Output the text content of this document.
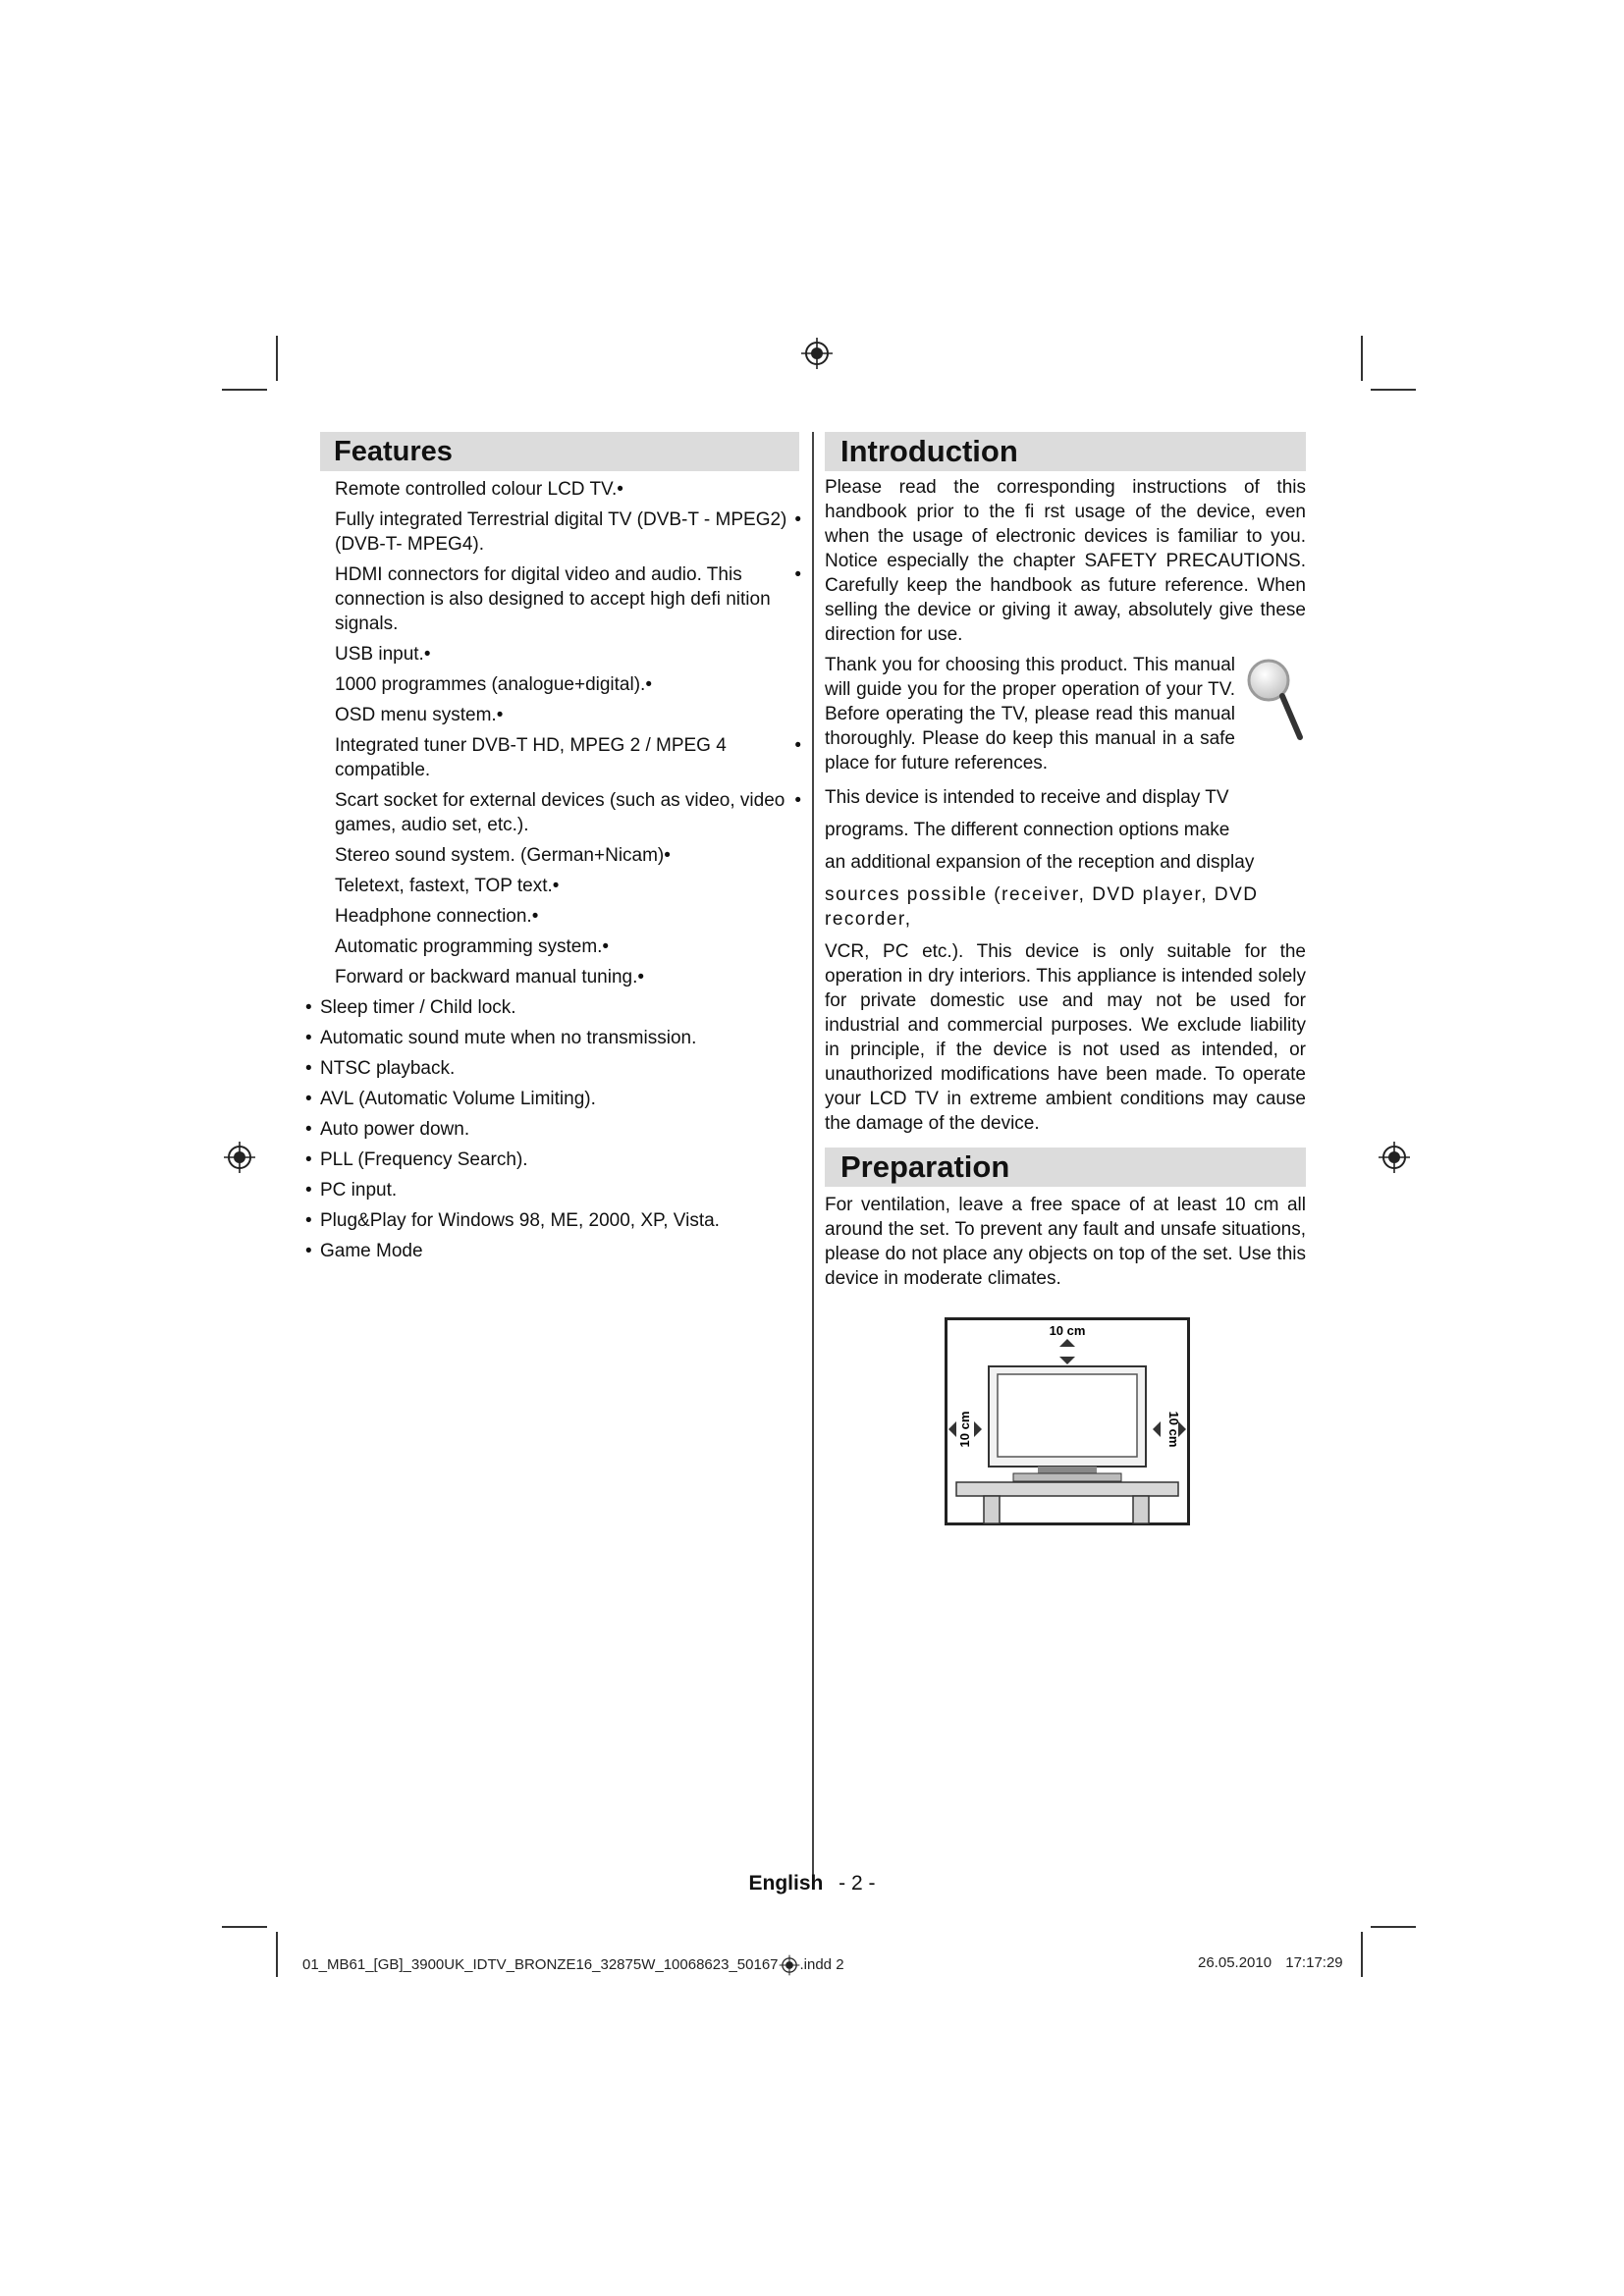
Features
Remote controlled colour LCD TV.•
Fully integrated Terrestrial digital TV (DVB-T - MPEG2) (DVB-T- MPEG4). •
HDMI connectors for digital video and audio. This connection is also designed to accept high defi nition signals. •
USB input.•
1000 programmes (analogue+digital).•
OSD menu system.•
Integrated tuner DVB-T HD, MPEG 2 / MPEG 4 compatible. •
Scart socket for external devices (such as video, video games, audio set, etc.). •
Stereo sound system. (German+Nicam)•
Teletext, fastext, TOP text.•
Headphone connection.•
Automatic programming system.•
Forward or backward manual tuning.•
• Sleep timer / Child lock.
• Automatic sound mute when no transmission.
• NTSC playback.
• AVL (Automatic Volume Limiting).
• Auto power down.
• PLL (Frequency Search).
• PC input.
• Plug&Play for Windows 98, ME, 2000, XP, Vista.
• Game Mode
Introduction

Please read the corresponding instructions of this handbook prior to the fi rst usage of the device, even when the usage of electronic devices is familiar to you. Notice especially the chapter SAFETY PRECAUTIONS. Carefully keep the handbook as future reference. When selling the device or giving it away, absolutely give these direction for use.

Thank you for choosing this product. This manual will guide you for the proper operation of your TV. Before operating the TV, please read this manual thoroughly. Please do keep this manual in a safe place for future references.

This device is intended to receive and display TV

programs. The different connection options make

an additional expansion of the reception and display

sources possible (receiver, DVD player, DVD recorder,

VCR, PC etc.). This device is only suitable for the operation in dry interiors. This appliance is intended solely for private domestic use and may not be used for industrial and commercial purposes. We exclude liability in principle, if the device is not used as intended, or unauthorized modifications have been made. To operate your LCD TV in extreme ambient conditions may cause the damage of the device.

Preparation

For ventilation, leave a free space of at least 10 cm all around the set. To prevent any fault and unsafe situations, please do not place any objects on top of the set. Use this device in moderate climates.

10 cm
10 cm	10 cm
English - 2 -
01_MB61_[GB]_3900UK_IDTV_BRONZE16_32875W_10068623_50167 .indd 2	26.05.2010 17:17:29
